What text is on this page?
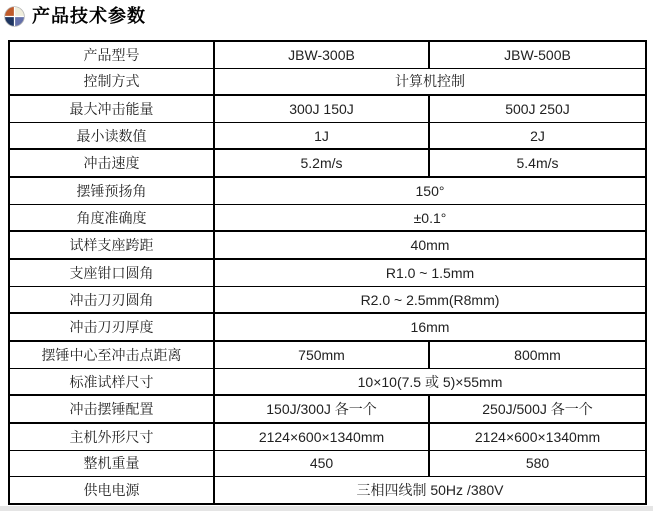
产品技术参数
产品型号	JBW-300B	JBW-500B
控制方式	计算机控制	
最大冲击能量	300J 150J	500J 250J
最小读数值	1J	2J
冲击速度	5.2m/s	5.4m/s
摆锤预扬角	150°	
角度准确度	±0.1°	
试样支座跨距	40mm	
支座钳口圆角	R1.0 ~ 1.5mm	
冲击刀刃圆角	R2.0 ~ 2.5mm(R8mm)	
冲击刀刃厚度	16mm	
摆锤中心至冲击点距离	750mm	800mm
标准试样尺寸	10×10(7.5 或 5)×55mm	
冲击摆锤配置	150J/300J 各一个	250J/500J 各一个
主机外形尺寸	2124×600×1340mm	2124×600×1340mm
整机重量	450	580
供电电源	三相四线制 50Hz /380V	
